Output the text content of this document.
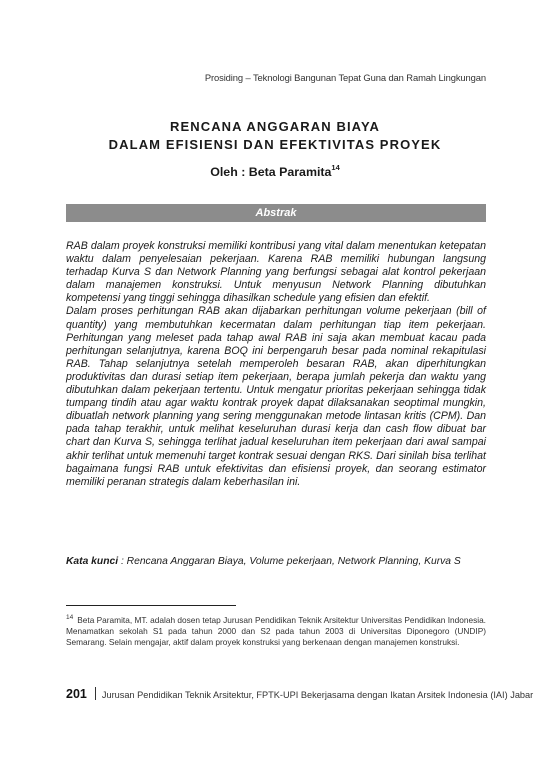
Prosiding – Teknologi Bangunan Tepat Guna dan Ramah Lingkungan
RENCANA ANGGARAN BIAYA
DALAM EFISIENSI DAN EFEKTIVITAS PROYEK
Oleh : Beta Paramita$^{14}$
Abstrak

RAB dalam proyek konstruksi memiliki kontribusi yang vital dalam menentukan ketepatan waktu dalam penyelesaian pekerjaan. Karena RAB memiliki hubungan langsung terhadap Kurva S dan Network Planning yang berfungsi sebagai alat kontrol pekerjaan dalam manajemen konstruksi. Untuk menyusun Network Planning dibutuhkan kompetensi yang tinggi sehingga dihasilkan schedule yang efisien dan efektif.

Dalam proses perhitungan RAB akan dijabarkan perhitungan volume pekerjaan (bill of quantity) yang membutuhkan kecermatan dalam perhitungan tiap item pekerjaan. Perhitungan yang meleset pada tahap awal RAB ini saja akan membuat kacau pada perhitungan selanjutnya, karena BOQ ini berpengaruh besar pada nominal rekapitulasi RAB. Tahap selanjutnya setelah memperoleh besaran RAB, akan diperhitungkan produktivitas dan durasi setiap item pekerjaan, berapa jumlah pekerja dan waktu yang dibutuhkan dalam pekerjaan tertentu. Untuk mengatur prioritas pekerjaan sehingga tidak tumpang tindih atau agar waktu kontrak proyek dapat dilaksanakan seoptimal mungkin, dibuatlah network planning yang sering menggunakan metode lintasan kritis (CPM). Dan pada tahap terakhir, untuk melihat keseluruhan durasi kerja dan cash flow dibuat bar chart dan Kurva S, sehingga terlihat jadual keseluruhan item pekerjaan dari awal sampai akhir terlihat untuk memenuhi target kontrak sesuai dengan RKS. Dari sinilah bisa terlihat bagaimana fungsi RAB untuk efektivitas dan efisiensi proyek, dan seorang estimator memiliki peranan strategis dalam keberhasilan ini.

Kata kunci : Rencana Anggaran Biaya, Volume pekerjaan, Network Planning, Kurva S
$^{14}$ Beta Paramita, MT. adalah dosen tetap Jurusan Pendidikan Teknik Arsitektur Universitas Pendidikan Indonesia. Menamatkan sekolah S1 pada tahun 2000 dan S2 pada tahun 2003 di Universitas Diponegoro (UNDIP) Semarang. Selain mengajar, aktif dalam proyek konstruksi yang berkenaan dengan manajemen konstruksi.
201 Jurusan Pendidikan Teknik Arsitektur, FPTK-UPI Bekerjasama dengan Ikatan Arsitek Indonesia (IAI) Jabar
